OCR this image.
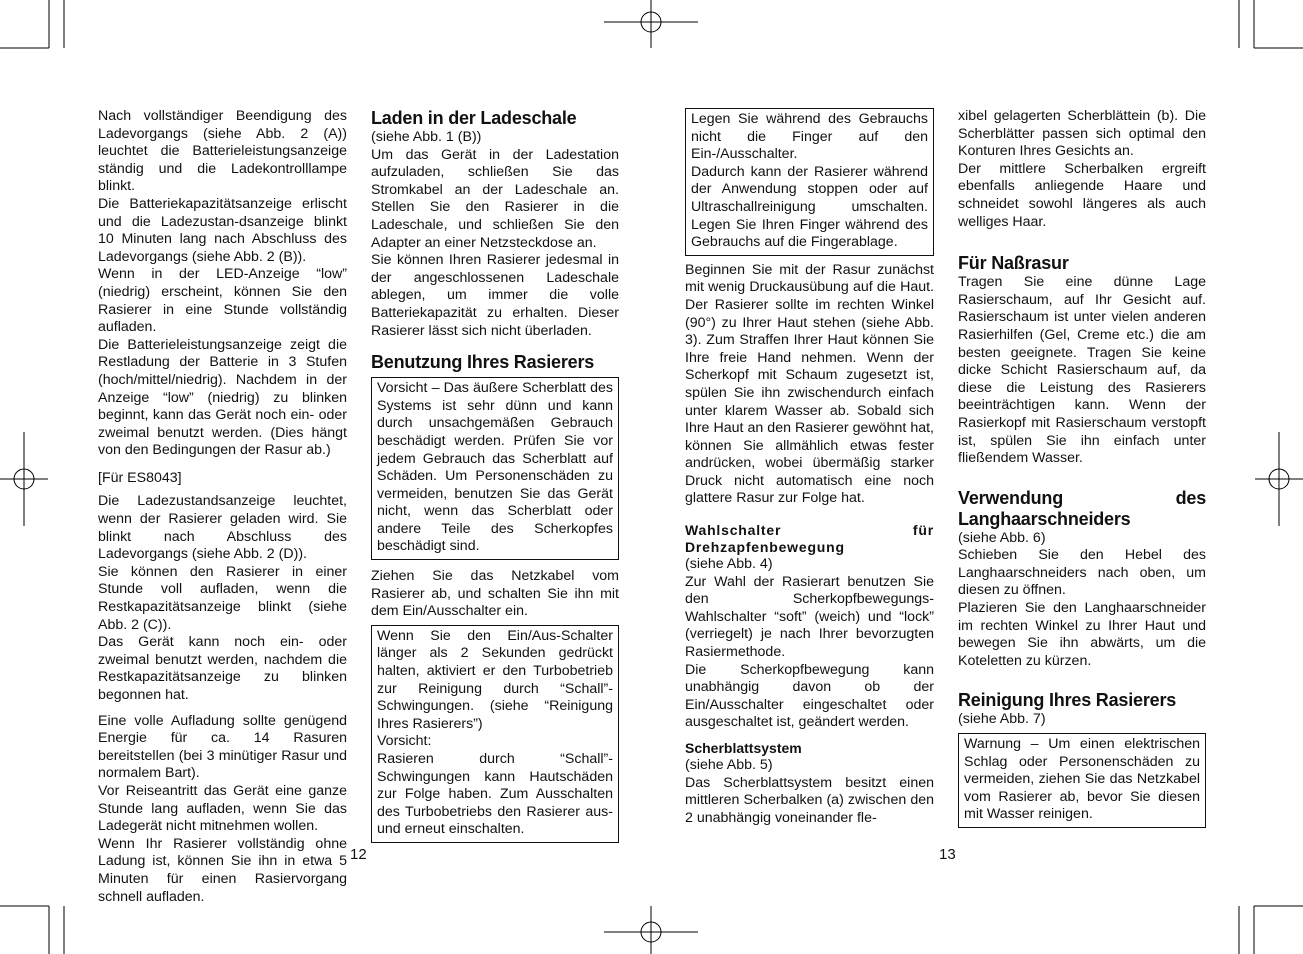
Nach vollständiger Beendigung des Ladevorgangs (siehe Abb. 2 (A)) leuchtet die Batterieleistungsanzeige ständig und die Ladekontrolllampe blinkt.

Die Batteriekapazitätsanzeige erlischt und die Ladezustan-dsanzeige blinkt 10 Minuten lang nach Abschluss des Ladevorgangs (siehe Abb. 2 (B)).

Wenn in der LED-Anzeige “low” (niedrig) erscheint, können Sie den Rasierer in eine Stunde vollständig aufladen.

Die Batterieleistungsanzeige zeigt die Restladung der Batterie in 3 Stufen (hoch/mittel/niedrig). Nachdem in der Anzeige “low” (niedrig) zu blinken beginnt, kann das Gerät noch ein- oder zweimal benutzt werden. (Dies hängt von den Bedingungen der Rasur ab.)

[Für ES8043]

Die Ladezustandsanzeige leuchtet, wenn der Rasierer geladen wird. Sie blinkt nach Abschluss des Ladevorgangs (siehe Abb. 2 (D)).

Sie können den Rasierer in einer Stunde voll aufladen, wenn die Restkapazitätsanzeige blinkt (siehe Abb. 2 (C)).

Das Gerät kann noch ein- oder zweimal benutzt werden, nachdem die Restkapazitätsanzeige zu blinken begonnen hat.

Eine volle Aufladung sollte genügend Energie für ca. 14 Rasuren bereitstellen (bei 3 minütiger Rasur und normalem Bart).

Vor Reiseantritt das Gerät eine ganze Stunde lang aufladen, wenn Sie das Ladegerät nicht mitnehmen wollen.

Wenn Ihr Rasierer vollständig ohne Ladung ist, können Sie ihn in etwa 5 Minuten für einen Rasiervorgang schnell aufladen.

Laden in der Ladeschale

(siehe Abb. 1 (B))

Um das Gerät in der Ladestation aufzuladen, schließen Sie das Stromkabel an der Ladeschale an. Stellen Sie den Rasierer in die Ladeschale, und schließen Sie den Adapter an einer Netzsteckdose an.

Sie können Ihren Rasierer jedesmal in der angeschlossenen Ladeschale ablegen, um immer die volle Batteriekapazität zu erhalten. Dieser Rasierer lässt sich nicht überladen.

Benutzung Ihres Rasierers

Vorsicht – Das äußere Scherblatt des Systems ist sehr dünn und kann durch unsachgemäßen Gebrauch beschädigt werden. Prüfen Sie vor jedem Gebrauch das Scherblatt auf Schäden. Um Personenschäden zu vermeiden, benutzen Sie das Gerät nicht, wenn das Scherblatt oder andere Teile des Scherkopfes beschädigt sind.

Ziehen Sie das Netzkabel vom Rasierer ab, und schalten Sie ihn mit dem Ein/Ausschalter ein.

Wenn Sie den Ein/Aus-Schalter länger als 2 Sekunden gedrückt halten, aktiviert er den Turbobetrieb zur Reinigung durch “Schall”-Schwingungen. (siehe “Reinigung Ihres Rasierers”)

Vorsicht:

Rasieren durch “Schall”-Schwingungen kann Hautschäden zur Folge haben. Zum Ausschalten des Turbobetriebs den Rasierer aus- und erneut einschalten.

Legen Sie während des Gebrauchs nicht die Finger auf den Ein-/Ausschalter.

Dadurch kann der Rasierer während der Anwendung stoppen oder auf Ultraschallreinigung umschalten. Legen Sie Ihren Finger während des Gebrauchs auf die Fingerablage.

Beginnen Sie mit der Rasur zunächst mit wenig Druckausübung auf die Haut. Der Rasierer sollte im rechten Winkel (90°) zu Ihrer Haut stehen (siehe Abb. 3). Zum Straffen Ihrer Haut können Sie Ihre freie Hand nehmen. Wenn der Scherkopf mit Schaum zugesetzt ist, spülen Sie ihn zwischendurch einfach unter klarem Wasser ab. Sobald sich Ihre Haut an den Rasierer gewöhnt hat, können Sie allmählich etwas fester andrücken, wobei übermäßig starker Druck nicht automatisch eine noch glattere Rasur zur Folge hat.

Wahlschalter für Drehzapfenbewegung

(siehe Abb. 4)

Zur Wahl der Rasierart benutzen Sie den Scherkopfbewegungs-Wahlschalter “soft” (weich) und “lock” (verriegelt) je nach Ihrer bevorzugten Rasiermethode.

Die Scherkopfbewegung kann unabhängig davon ob der Ein/Ausschalter eingeschaltet oder ausgeschaltet ist, geändert werden.

Scherblattsystem

(siehe Abb. 5)

Das Scherblattsystem besitzt einen mittleren Scherbalken (a) zwischen den 2 unabhängig voneinander fle-

xibel gelagerten Scherblättein (b). Die Scherblätter passen sich optimal den Konturen Ihres Gesichts an.

Der mittlere Scherbalken ergreift ebenfalls anliegende Haare und schneidet sowohl längeres als auch welliges Haar.

Für Naßrasur

Tragen Sie eine dünne Lage Rasierschaum, auf Ihr Gesicht auf. Rasierschaum ist unter vielen anderen Rasierhilfen (Gel, Creme etc.) die am besten geeignete. Tragen Sie keine dicke Schicht Rasierschaum auf, da diese die Leistung des Rasierers beeinträchtigen kann. Wenn der Rasierkopf mit Rasierschaum verstopft ist, spülen Sie ihn einfach unter fließendem Wasser.

Verwendung des Langhaarschneiders

(siehe Abb. 6)

Schieben Sie den Hebel des Langhaarschneiders nach oben, um diesen zu öffnen.

Plazieren Sie den Langhaarschneider im rechten Winkel zu Ihrer Haut und bewegen Sie ihn abwärts, um die Koteletten zu kürzen.

Reinigung Ihres Rasierers

(siehe Abb. 7)

Warnung – Um einen elektrischen Schlag oder Personenschäden zu vermeiden, ziehen Sie das Netzkabel vom Rasierer ab, bevor Sie diesen mit Wasser reinigen.

12	13
